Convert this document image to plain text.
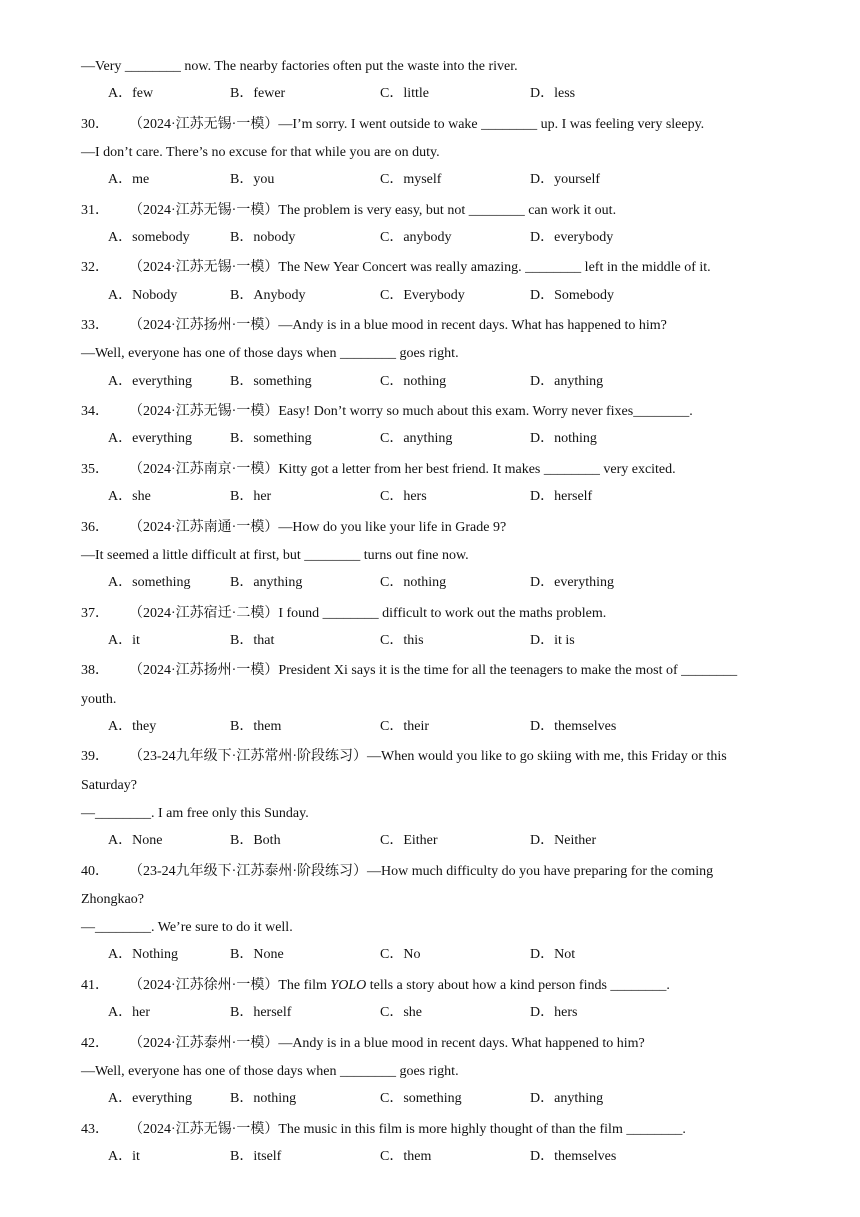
—Very ________ now. The nearby factories often put the waste into the river.
A．few	B．fewer	C．little	D．less
30． （2024·江苏无锡·一模）—I’m sorry. I went outside to wake ________ up. I was feeling very sleepy.
—I don’t care. There’s no excuse for that while you are on duty.
A．me	B．you	C．myself	D．yourself
31． （2024·江苏无锡·一模）The problem is very easy, but not ________ can work it out.
A．somebody	B．nobody	C．anybody	D．everybody
32． （2024·江苏无锡·一模）The New Year Concert was really amazing. ________ left in the middle of it.
A．Nobody	B．Anybody	C．Everybody	D．Somebody
33． （2024·江苏扬州·一模）—Andy is in a blue mood in recent days. What has happened to him?
—Well, everyone has one of those days when ________ goes right.
A．everything	B．something	C．nothing	D．anything
34． （2024·江苏无锡·一模）Easy! Don’t worry so much about this exam. Worry never fixes________.
A．everything	B．something	C．anything	D．nothing
35． （2024·江苏南京·一模）Kitty got a letter from her best friend. It makes ________ very excited.
A．she	B．her	C．hers	D．herself
36． （2024·江苏南通·一模）—How do you like your life in Grade 9?
—It seemed a little difficult at first, but ________ turns out fine now.
A．something	B．anything	C．nothing	D．everything
37． （2024·江苏宿迁·二模）I found ________ difficult to work out the maths problem.
A．it	B．that	C．this	D．it is
38． （2024·江苏扬州·一模）President Xi says it is the time for all the teenagers to make the most of ________
youth.
A．they	B．them	C．their	D．themselves
39． （23-24九年级下·江苏常州·阶段练习）—When would you like to go skiing with me, this Friday or this
Saturday?
—________. I am free only this Sunday.
A．None	B．Both	C．Either	D．Neither
40． （23-24九年级下·江苏泰州·阶段练习）—How much difficulty do you have preparing for the coming
Zhongkao?
—________. We’re sure to do it well.
A．Nothing	B．None	C．No	D．Not
41． （2024·江苏徐州·一模）The film YOLO tells a story about how a kind person finds ________.
A．her	B．herself	C．she	D．hers
42． （2024·江苏泰州·一模）—Andy is in a blue mood in recent days. What happened to him?
—Well, everyone has one of those days when ________ goes right.
A．everything	B．nothing	C．something	D．anything
43． （2024·江苏无锡·一模）The music in this film is more highly thought of than the film ________.
A．it	B．itself	C．them	D．themselves
